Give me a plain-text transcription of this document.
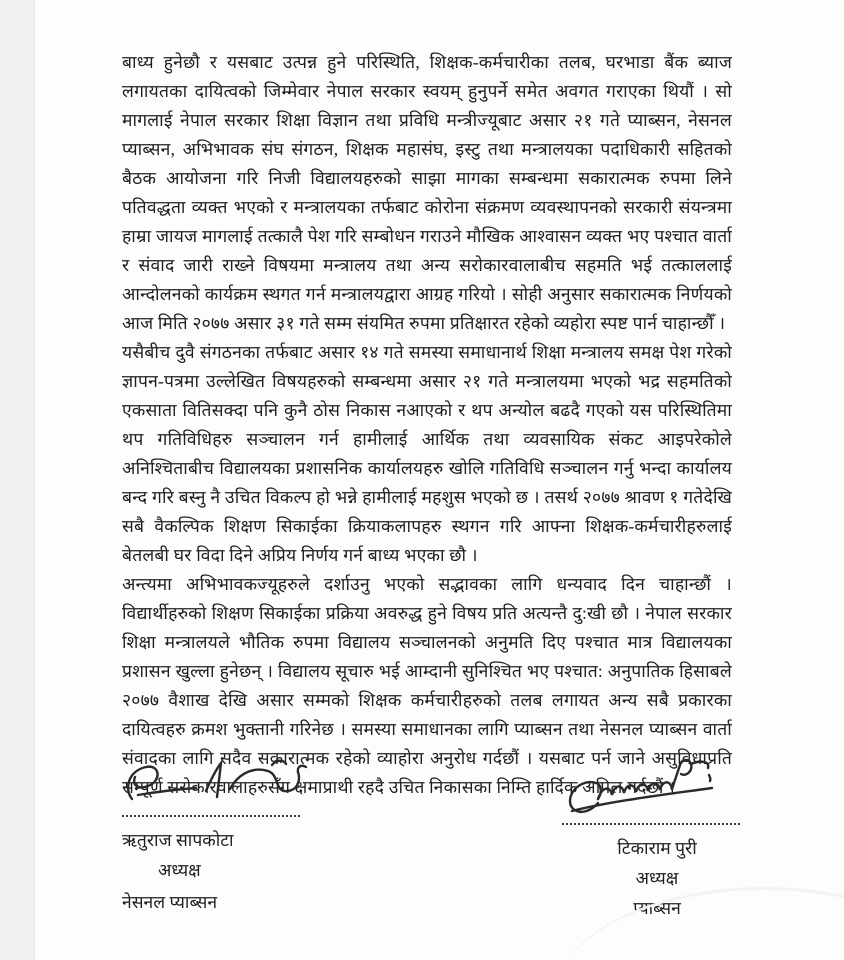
बाध्य हुनेछौ र यसबाट उत्पन्न हुने परिस्थिति, शिक्षक-कर्मचारीका तलब, घरभाडा बैंक ब्याज लगायतका दायित्वको जिम्मेवार नेपाल सरकार स्वयम् हुनुपर्ने समेत अवगत गराएका थियौं । सो मागलाई नेपाल सरकार शिक्षा विज्ञान तथा प्रविधि मन्त्रीज्यूबाट असार २१ गते प्याब्सन, नेसनल प्याब्सन, अभिभावक संघ संगठन, शिक्षक महासंघ, इस्टु तथा मन्त्रालयका पदाधिकारी सहितको बैठक आयोजना गरि निजी विद्यालयहरुको साझा मागका सम्बन्धमा सकारात्मक रुपमा लिने पतिवद्धता व्यक्त भएको र मन्त्रालयका तर्फबाट कोरोना संक्रमण व्यवस्थापनको सरकारी संयन्त्रमा हाम्रा जायज मागलाई तत्कालै पेश गरि सम्बोधन गराउने मौखिक आश्वासन व्यक्त भए पश्चात वार्ता र संवाद जारी राख्ने विषयमा मन्त्रालय तथा अन्य सरोकारवालाबीच सहमति भई तत्काललाई आन्दोलनको कार्यक्रम स्थगत गर्न मन्त्रालयद्वारा आग्रह गरियो । सोही अनुसार सकारात्मक निर्णयको आज मिति २०७७ असार ३१ गते सम्म संयमित रुपमा प्रतिक्षारत रहेको व्यहोरा स्पष्ट पार्न चाहान्छौँ ।

यसैबीच दुवै संगठनका तर्फबाट असार १४ गते समस्या समाधानार्थ शिक्षा मन्त्रालय समक्ष पेश गरेको ज्ञापन-पत्रमा उल्लेखित विषयहरुको सम्बन्धमा असार २१ गते मन्त्रालयमा भएको भद्र सहमतिको एकसाता वितिसक्दा पनि कुनै ठोस निकास नआएको र थप अन्योल बढदै गएको यस परिस्थितिमा थप गतिविधिहरु सञ्चालन गर्न हामीलाई आर्थिक तथा व्यवसायिक संकट आइपरेकोले अनिश्चिताबीच विद्यालयका प्रशासनिक कार्यालयहरु खोलि गतिविधि सञ्चालन गर्नु भन्दा कार्यालय बन्द गरि बस्नु नै उचित विकल्प हो भन्ने हामीलाई महशुस भएको छ । तसर्थ २०७७ श्रावण १ गतेदेखि सबै वैकल्पिक शिक्षण सिकाईका क्रियाकलापहरु स्थगन गरि आफ्ना शिक्षक-कर्मचारीहरुलाई बेतलबी घर विदा दिने अप्रिय निर्णय गर्न बाध्य भएका छौ ।

अन्त्यमा अभिभावकज्यूहरुले दर्शाउनु भएको सद्भावका लागि धन्यवाद दिन चाहान्छौं । विद्यार्थीहरुको शिक्षण सिकाईका प्रक्रिया अवरुद्ध हुने विषय प्रति अत्यन्तै दु:खी छौ । नेपाल सरकार शिक्षा मन्त्रालयले भौतिक रुपमा विद्यालय सञ्चालनको अनुमति दिए पश्चात मात्र विद्यालयका प्रशासन खुल्ला हुनेछन् । विद्यालय सूचारु भई आम्दानी सुनिश्चित भए पश्चात: अनुपातिक हिसाबले २०७७ वैशाख देखि असार सम्मको शिक्षक कर्मचारीहरुको तलब लगायत अन्य सबै प्रकारका दायित्वहरु क्रमश भुक्तानी गरिनेछ । समस्या समाधानका लागि प्याब्सन तथा नेसनल प्याब्सन वार्ता संवादका लागि सदैव सकारात्मक रहेको व्याहोरा अनुरोध गर्दछौं । यसबाट पर्न जाने असुविधाप्रति सम्पूर्ण सरोकारवालाहरुसँग क्षमाप्राथी रहदै उचित निकासका निम्ति हार्दिक अपिल गर्दछौं ।

ऋतुराज सापकोटा
अध्यक्ष
नेसनल प्याब्सन
टिकाराम पुरी
अध्यक्ष
प्याब्सन
